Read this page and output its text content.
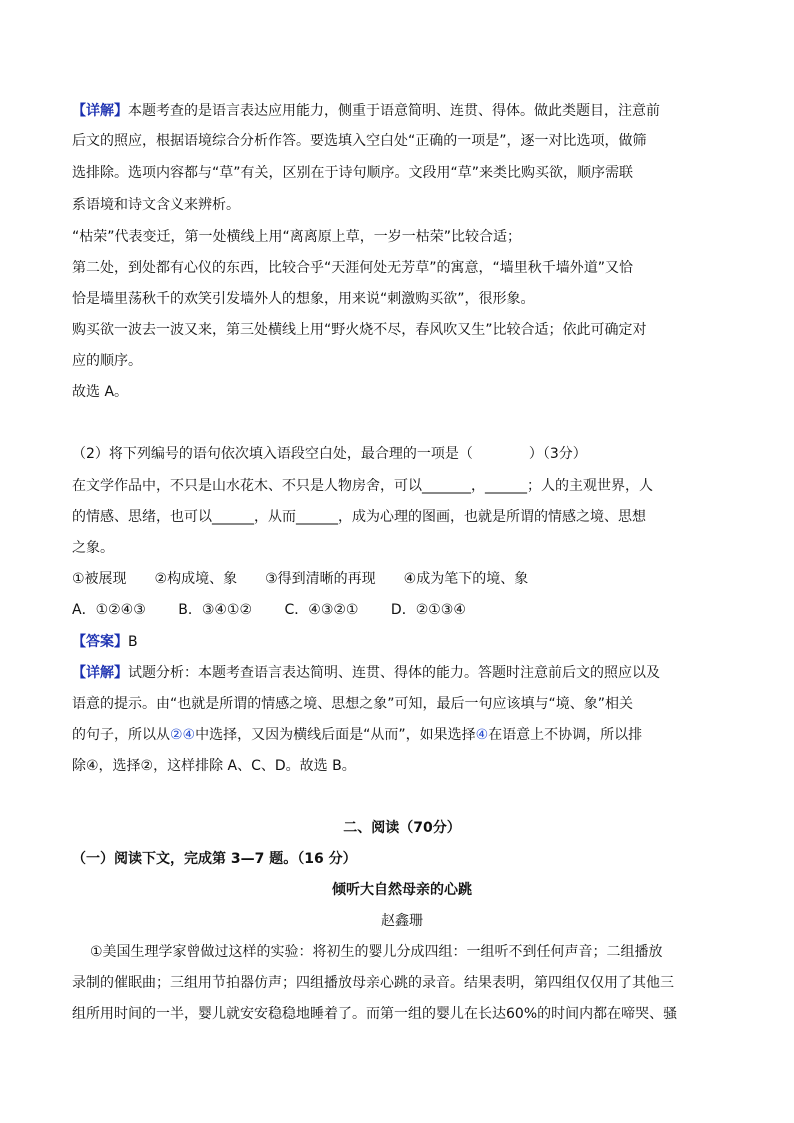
【详解】本题考查的是语言表达应用能力，侧重于语意简明、连贯、得体。做此类题目，注意前
后文的照应，根据语境综合分析作答。要选填入空白处“正确的一项是”，逐一对比选项，做筛
选排除。选项内容都与“草”有关，区别在于诗句顺序。文段用“草”来类比购买欲，顺序需联
系语境和诗文含义来辨析。
“枯荣”代表变迁，第一处横线上用“离离原上草，一岁一枯荣”比较合适；
第二处，到处都有心仪的东西，比较合乎“天涯何处无芳草”的寓意，“墙里秋千墙外道”又恰
恰是墙里荡秋千的欢笑引发墙外人的想象，用来说“刺激购买欲”，很形象。
购买欲一波去一波又来，第三处横线上用“野火烧不尽，春风吹又生”比较合适；依此可确定对
应的顺序。
故选 A。
（2）将下列编号的语句依次填入语段空白处，最合理的一项是（　　　　）（3分）
在文学作品中，不只是山水花木、不只是人物房舍，可以_______，______；人的主观世界，人
的情感、思绪，也可以______，从而______，成为心理的图画，也就是所谓的情感之境、思想
之象。
①被展现　　②构成境、象　　③得到清晰的再现　　④成为笔下的境、象
A．①②④③　　 B．③④①②　　 C．④③②①　　 D．②①③④
【答案】B
【详解】试题分析：本题考查语言表达简明、连贯、得体的能力。答题时注意前后文的照应以及
语意的提示。由“也就是所谓的情感之境、思想之象”可知，最后一句应该填与“境、象”相关
的句子，所以从②④中选择，又因为横线后面是“从而”，如果选择④在语意上不协调，所以排
除④，选择②，这样排除 A、C、D。故选 B。
二、阅读（70分）
（一）阅读下文，完成第 3—7 题。（16 分）
倾听大自然母亲的心跳
赵鑫珊
①美国生理学家曾做过这样的实验：将初生的婴儿分成四组：一组听不到任何声音；二组播放
录制的催眠曲；三组用节拍器仿声；四组播放母亲心跳的录音。结果表明，第四组仅仅用了其他三
组所用时间的一半，婴儿就安安稳稳地睡着了。而第一组的婴儿在长达60%的时间内都在啼哭、骚
